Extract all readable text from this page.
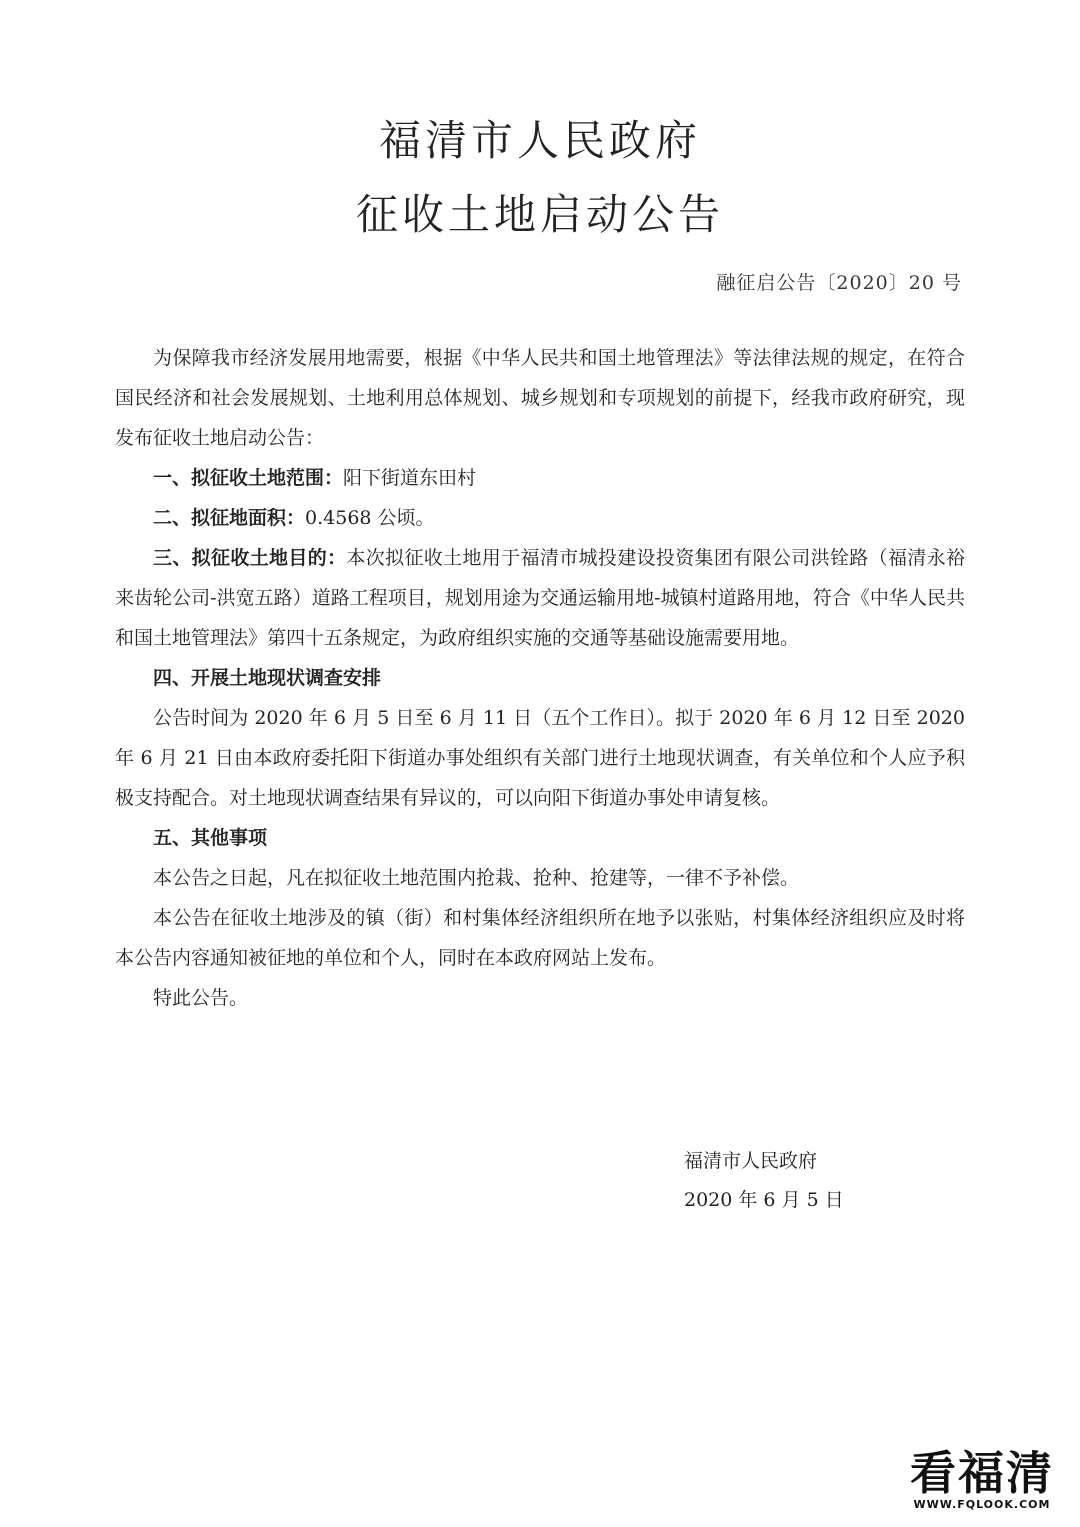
福清市人民政府
征收土地启动公告
融征启公告〔2020〕20 号

为保障我市经济发展用地需要，根据《中华人民共和国土地管理法》等法律法规的规定，在符合国民经济和社会发展规划、土地利用总体规划、城乡规划和专项规划的前提下，经我市政府研究，现发布征收土地启动公告：

一、拟征收土地范围：阳下街道东田村

二、拟征地面积：0.4568 公顷。

三、拟征收土地目的：本次拟征收土地用于福清市城投建设投资集团有限公司洪铨路（福清永裕来齿轮公司-洪宽五路）道路工程项目，规划用途为交通运输用地-城镇村道路用地，符合《中华人民共和国土地管理法》第四十五条规定，为政府组织实施的交通等基础设施需要用地。

四、开展土地现状调查安排

公告时间为 2020 年 6 月 5 日至 6 月 11 日（五个工作日）。拟于 2020 年 6 月 12 日至 2020 年 6 月 21 日由本政府委托阳下街道办事处组织有关部门进行土地现状调查，有关单位和个人应予积极支持配合。对土地现状调查结果有异议的，可以向阳下街道办事处申请复核。

五、其他事项

本公告之日起，凡在拟征收土地范围内抢栽、抢种、抢建等，一律不予补偿。

本公告在征收土地涉及的镇（街）和村集体经济组织所在地予以张贴，村集体经济组织应及时将本公告内容通知被征地的单位和个人，同时在本政府网站上发布。

特此公告。

福清市人民政府
2020 年 6 月 5 日
看福清
WWW.FQLOOK.COM
